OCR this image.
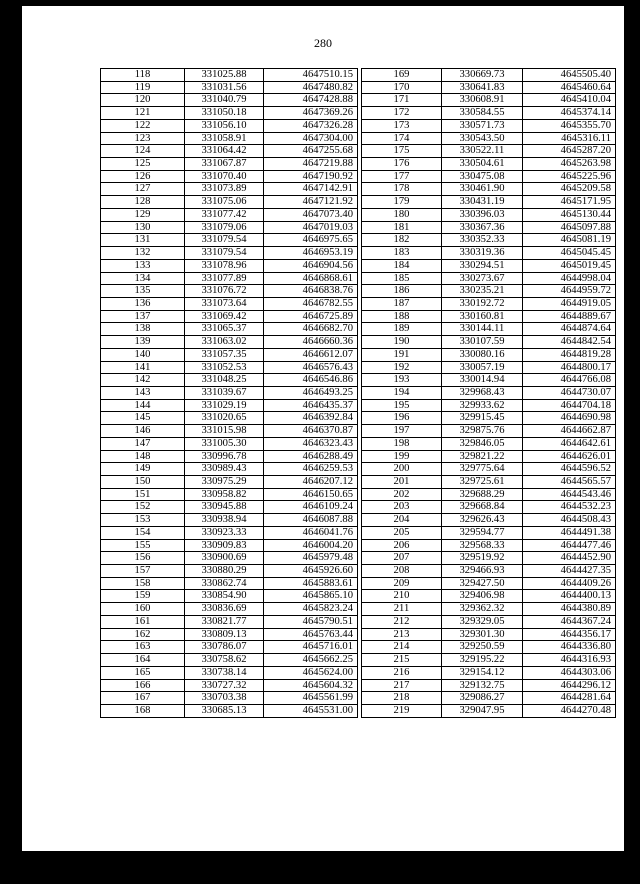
280
118	331025.88	4647510.15
119	331031.56	4647480.82
120	331040.79	4647428.88
121	331050.18	4647369.26
122	331056.10	4647326.28
123	331058.91	4647304.00
124	331064.42	4647255.68
125	331067.87	4647219.88
126	331070.40	4647190.92
127	331073.89	4647142.91
128	331075.06	4647121.92
129	331077.42	4647073.40
130	331079.06	4647019.03
131	331079.54	4646975.65
132	331079.54	4646953.19
133	331078.96	4646904.56
134	331077.89	4646868.61
135	331076.72	4646838.76
136	331073.64	4646782.55
137	331069.42	4646725.89
138	331065.37	4646682.70
139	331063.02	4646660.36
140	331057.35	4646612.07
141	331052.53	4646576.43
142	331048.25	4646546.86
143	331039.67	4646493.25
144	331029.19	4646435.37
145	331020.65	4646392.84
146	331015.98	4646370.87
147	331005.30	4646323.43
148	330996.78	4646288.49
149	330989.43	4646259.53
150	330975.29	4646207.12
151	330958.82	4646150.65
152	330945.88	4646109.24
153	330938.94	4646087.88
154	330923.33	4646041.76
155	330909.83	4646004.20
156	330900.69	4645979.48
157	330880.29	4645926.60
158	330862.74	4645883.61
159	330854.90	4645865.10
160	330836.69	4645823.24
161	330821.77	4645790.51
162	330809.13	4645763.44
163	330786.07	4645716.01
164	330758.62	4645662.25
165	330738.14	4645624.00
166	330727.32	4645604.32
167	330703.38	4645561.99
168	330685.13	4645531.00
169	330669.73	4645505.40
170	330641.83	4645460.64
171	330608.91	4645410.04
172	330584.55	4645374.14
173	330571.73	4645355.70
174	330543.50	4645316.11
175	330522.11	4645287.20
176	330504.61	4645263.98
177	330475.08	4645225.96
178	330461.90	4645209.58
179	330431.19	4645171.95
180	330396.03	4645130.44
181	330367.36	4645097.88
182	330352.33	4645081.19
183	330319.36	4645045.45
184	330294.51	4645019.45
185	330273.67	4644998.04
186	330235.21	4644959.72
187	330192.72	4644919.05
188	330160.81	4644889.67
189	330144.11	4644874.64
190	330107.59	4644842.54
191	330080.16	4644819.28
192	330057.19	4644800.17
193	330014.94	4644766.08
194	329968.43	4644730.07
195	329933.62	4644704.18
196	329915.45	4644690.98
197	329875.76	4644662.87
198	329846.05	4644642.61
199	329821.22	4644626.01
200	329775.64	4644596.52
201	329725.61	4644565.57
202	329688.29	4644543.46
203	329668.84	4644532.23
204	329626.43	4644508.43
205	329594.77	4644491.38
206	329568.33	4644477.46
207	329519.92	4644452.90
208	329466.93	4644427.35
209	329427.50	4644409.26
210	329406.98	4644400.13
211	329362.32	4644380.89
212	329329.05	4644367.24
213	329301.30	4644356.17
214	329250.59	4644336.80
215	329195.22	4644316.93
216	329154.12	4644303.06
217	329132.75	4644296.12
218	329086.27	4644281.64
219	329047.95	4644270.48
